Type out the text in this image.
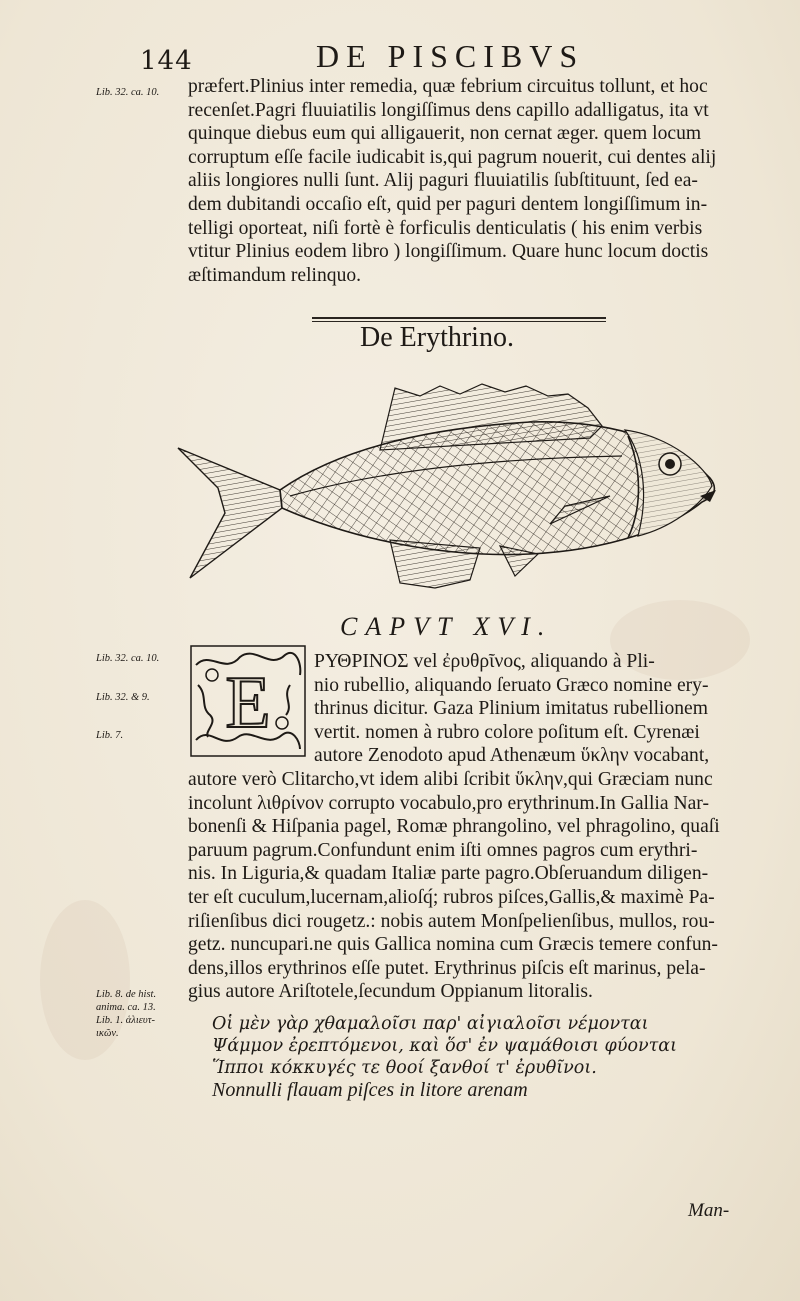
144	DE PISCIBVS
Lib. 32. ca. 10.
Lib. 32. ca. 10.
Lib. 32. & 9.
Lib. 7.
Lib. 8. de hist.
anima. ca. 13.
Lib. 1. ἁλιευτ-
ικῶν.
præfert.Plinius inter remedia, quæ febrium circuitus tollunt, et hoc
recenſet.Pagri fluuiatilis longiſſimus dens capillo adalligatus, ita vt
quinque diebus eum qui alligauerit, non cernat æger. quem locum
corruptum eſſe facile iudicabit is,qui pagrum nouerit, cui dentes alij
aliis longiores nulli ſunt. Alij paguri fluuiatilis ſubſtituunt, ſed ea-
dem dubitandi occaſio eſt, quid per paguri dentem longiſſimum in-
telligi oporteat, niſi fortè è forficulis denticulatis ( his enim verbis
vtitur Plinius eodem libro ) longiſſimum. Quare hunc locum doctis
æſtimandum relinquo.
De Erythrino.
CAPVT XVI.
E
ΡΥΘΡΙΝΟΣ vel ἐρυθρῖνος, aliquando à Pli-
nio rubellio, aliquando ſeruato Græco nomine ery-
thrinus dicitur. Gaza Plinium imitatus rubellionem
vertit. nomen à rubro colore poſitum eſt. Cyrenæi
autore Zenodoto apud Athenæum ὕκλην vocabant,
autore verò Clitarcho,vt idem alibi ſcribit ὕκλην,qui Græciam nunc
incolunt λιθρίνον corrupto vocabulo,pro erythrinum.In Gallia Nar-
bonenſi & Hiſpania pagel, Romæ phrangolino, vel phragolino, quaſi
paruum pagrum.Confundunt enim iſti omnes pagros cum erythri-
nis. In Liguria,& quadam Italiæ parte pagro.Obſeruandum diligen-
ter eſt cuculum,lucernam,alioſq́; rubros piſces,Gallis,& maximè Pa-
riſienſibus dici rougetz.: nobis autem Monſpelienſibus, mullos, rou-
getz. nuncupari.ne quis Gallica nomina cum Græcis temere confun-
dens,illos erythrinos eſſe putet. Erythrinus piſcis eſt marinus, pela-
gius autore Ariſtotele,ſecundum Oppianum litoralis.
Οἱ μὲν γὰρ χθαμαλοῖσι παρ' αἰγιαλοῖσι νέμονται
Ψάμμον ἐρεπτόμενοι, καὶ ὅσ' ἐν ψαμάθοισι φύονται
Ἵπποι κόκκυγές τε θοοί ξανθοί τ' ἐρυθῖνοι.
Nonnulli flauam piſces in litore arenam
Man-
